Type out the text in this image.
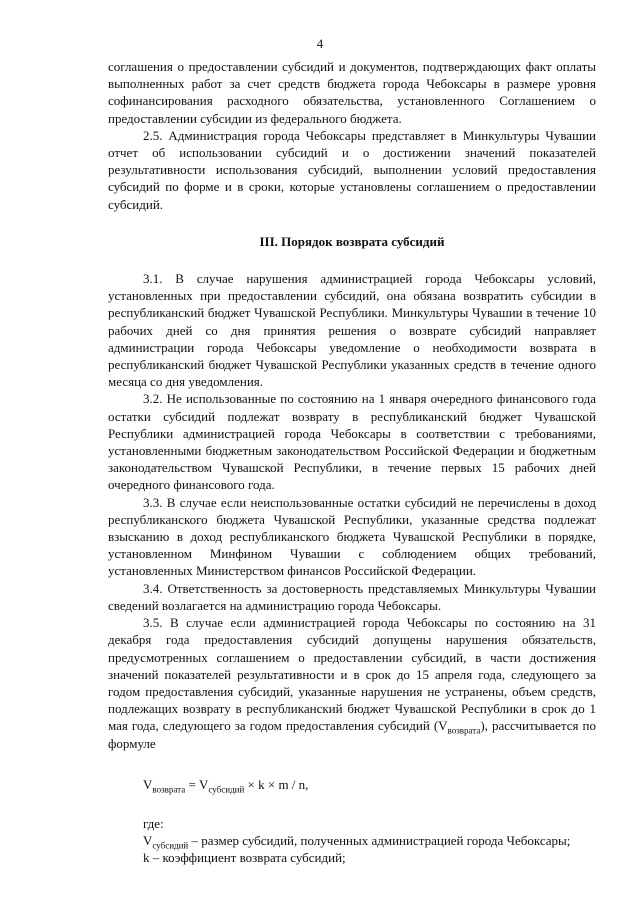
4

соглашения о предоставлении субсидий и документов, подтверждающих факт оплаты выполненных работ за счет средств бюджета города Чебоксары в размере уровня софинансирования расходного обязательства, установленного Соглашением о предоставлении субсидии из федерального бюджета.

2.5. Администрация города Чебоксары представляет в Минкультуры Чувашии отчет об использовании субсидий и о достижении значений показателей результативности использования субсидий, выполнении условий предоставления субсидий по форме и в сроки, которые установлены соглашением о предоставлении субсидий.

III. Порядок возврата субсидий

3.1. В случае нарушения администрацией города Чебоксары условий, установленных при предоставлении субсидий, она обязана возвратить субсидии в республиканский бюджет Чувашской Республики. Минкультуры Чувашии в течение 10 рабочих дней со дня принятия решения о возврате субсидий направляет администрации города Чебоксары уведомление о необходимости возврата в республиканский бюджет Чувашской Республики указанных средств в течение одного месяца со дня уведомления.

3.2. Не использованные по состоянию на 1 января очередного финансового года остатки субсидий подлежат возврату в республиканский бюджет Чувашской Республики администрацией города Чебоксары в соответствии с требованиями, установленными бюджетным законодательством Российской Федерации и бюджетным законодательством Чувашской Республики, в течение первых 15 рабочих дней очередного финансового года.

3.3. В случае если неиспользованные остатки субсидий не перечислены в доход республиканского бюджета Чувашской Республики, указанные средства подлежат взысканию в доход республиканского бюджета Чувашской Республики в порядке, установленном Минфином Чувашии с соблюдением общих требований, установленных Министерством финансов Российской Федерации.

3.4. Ответственность за достоверность представляемых Минкультуры Чувашии сведений возлагается на администрацию города Чебоксары.

3.5. В случае если администрацией города Чебоксары по состоянию на 31 декабря года предоставления субсидий допущены нарушения обязательств, предусмотренных соглашением о предоставлении субсидий, в части достижения значений показателей результативности и в срок до 15 апреля года, следующего за годом предоставления субсидий, указанные нарушения не устранены, объем средств, подлежащих возврату в республиканский бюджет Чувашской Республики в срок до 1 мая года, следующего за годом предоставления субсидий $(V_{возврата})$, рассчитывается по формуле

$V_{возврата} = V_{субсидий} \times k \times m / n$,

где:

$V_{субсидий}$ – размер субсидий, полученных администрацией города Чебоксары;

k – коэффициент возврата субсидий;
